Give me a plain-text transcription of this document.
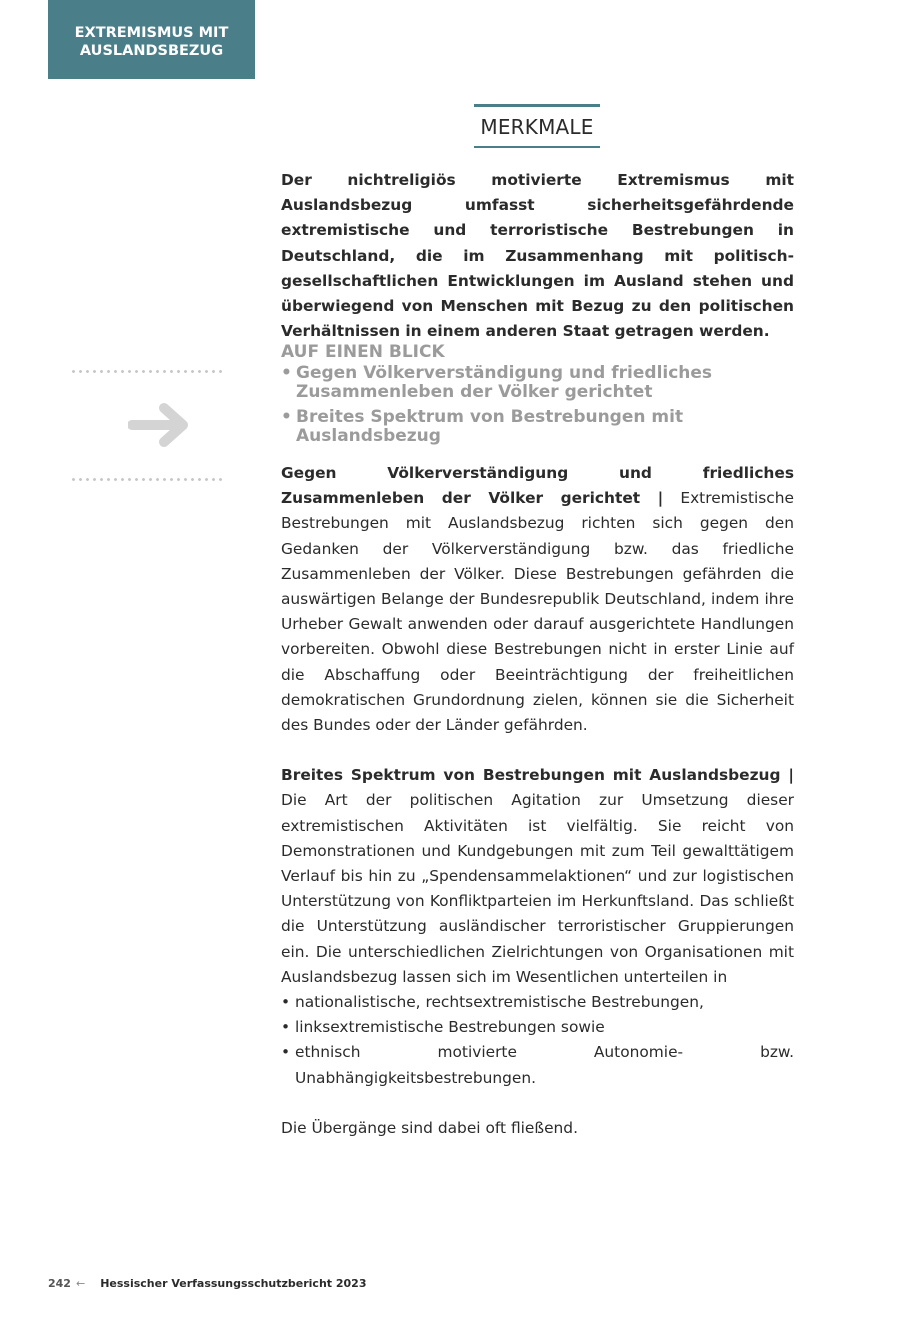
EXTREMISMUS MIT
AUSLANDSBEZUG
MERKMALE
Der nichtreligiös motivierte Extremismus mit Auslandsbezug umfasst sicherheitsgefährdende extremistische und terroristische Bestrebungen in Deutschland, die im Zusammenhang mit politisch-gesellschaftlichen Entwicklungen im Ausland stehen und überwiegend von Menschen mit Bezug zu den politischen Verhältnissen in einem anderen Staat getragen werden.

AUF EINEN BLICK

• Gegen Völkerverständigung und friedliches Zusammenleben der Völker gerichtet
• Breites Spektrum von Bestrebungen mit Auslandsbezug

Gegen Völkerverständigung und friedliches Zusammenleben der Völker gerichtet | Extremistische Bestrebungen mit Auslandsbezug richten sich gegen den Gedanken der Völkerverständigung bzw. das friedliche Zusammenleben der Völker. Diese Bestrebungen gefährden die auswärtigen Belange der Bundesrepublik Deutschland, indem ihre Urheber Gewalt anwenden oder darauf ausgerichtete Handlungen vorbereiten. Obwohl diese Bestrebungen nicht in erster Linie auf die Abschaffung oder Beeinträchtigung der freiheitlichen demokratischen Grundordnung zielen, können sie die Sicherheit des Bundes oder der Länder gefährden.

Breites Spektrum von Bestrebungen mit Auslandsbezug | Die Art der politischen Agitation zur Umsetzung dieser extremistischen Aktivitäten ist vielfältig. Sie reicht von Demonstrationen und Kundgebungen mit zum Teil gewalttätigem Verlauf bis hin zu „Spendensammelaktionen“ und zur logistischen Unterstützung von Konfliktparteien im Herkunftsland. Das schließt die Unterstützung ausländischer terroristischer Gruppierungen ein. Die unterschiedlichen Zielrichtungen von Organisationen mit Auslandsbezug lassen sich im Wesentlichen unterteilen in

• nationalistische, rechtsextremistische Bestrebungen,
• linksextremistische Bestrebungen sowie
• ethnisch motivierte Autonomie- bzw. Unabhängigkeitsbestrebungen.

Die Übergänge sind dabei oft fließend.

242 ← Hessischer Verfassungsschutzbericht 2023
